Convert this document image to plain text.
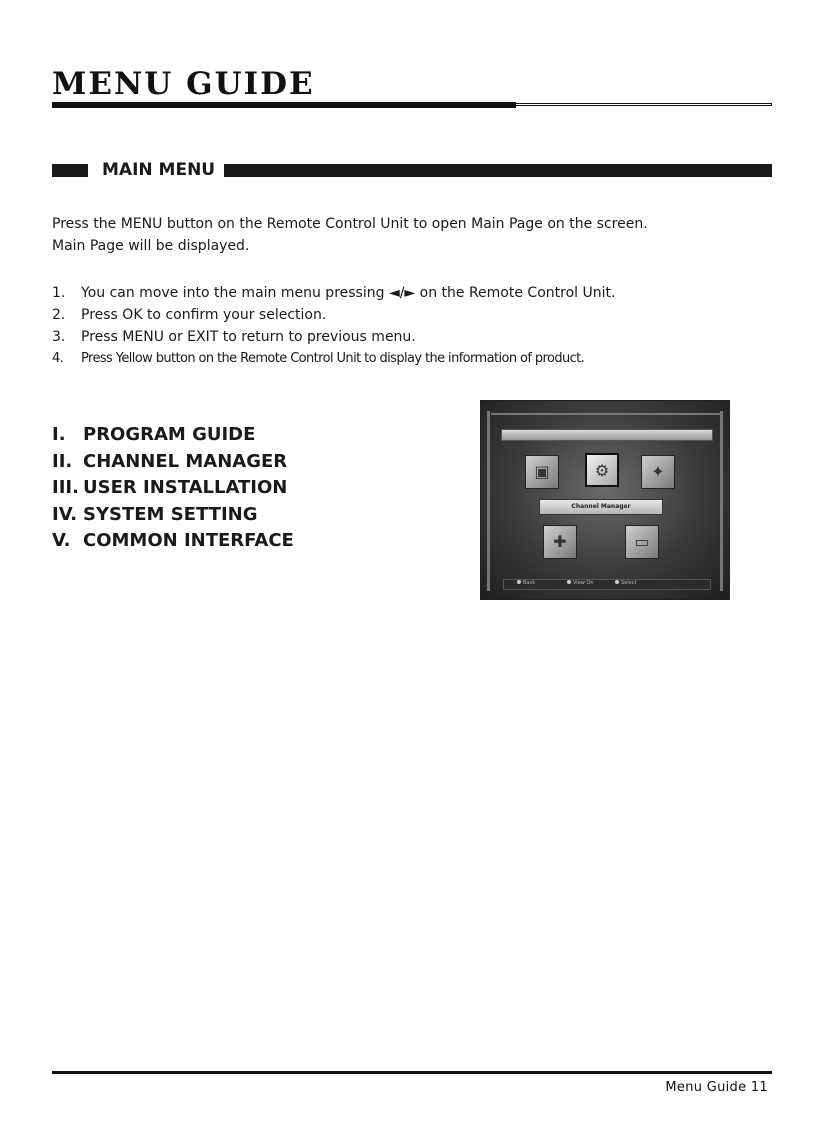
MENU GUIDE
MAIN MENU

Press the MENU button on the Remote Control Unit to open Main Page on the screen.
Main Page will be displayed.

1.	You can move into the main menu pressing ◄/► on the Remote Control Unit.
2.	Press OK to confirm your selection.
3.	Press MENU or EXIT to return to previous menu.
4.	Press Yellow button on the Remote Control Unit to display the information of product.
I. PROGRAM GUIDE
II. CHANNEL MANAGER
III. USER INSTALLATION
IV. SYSTEM SETTING
V. COMMON INTERFACE
▣	⚙	✦
Channel Manager
✚	▭
Back	View On	Select
Menu Guide 11
